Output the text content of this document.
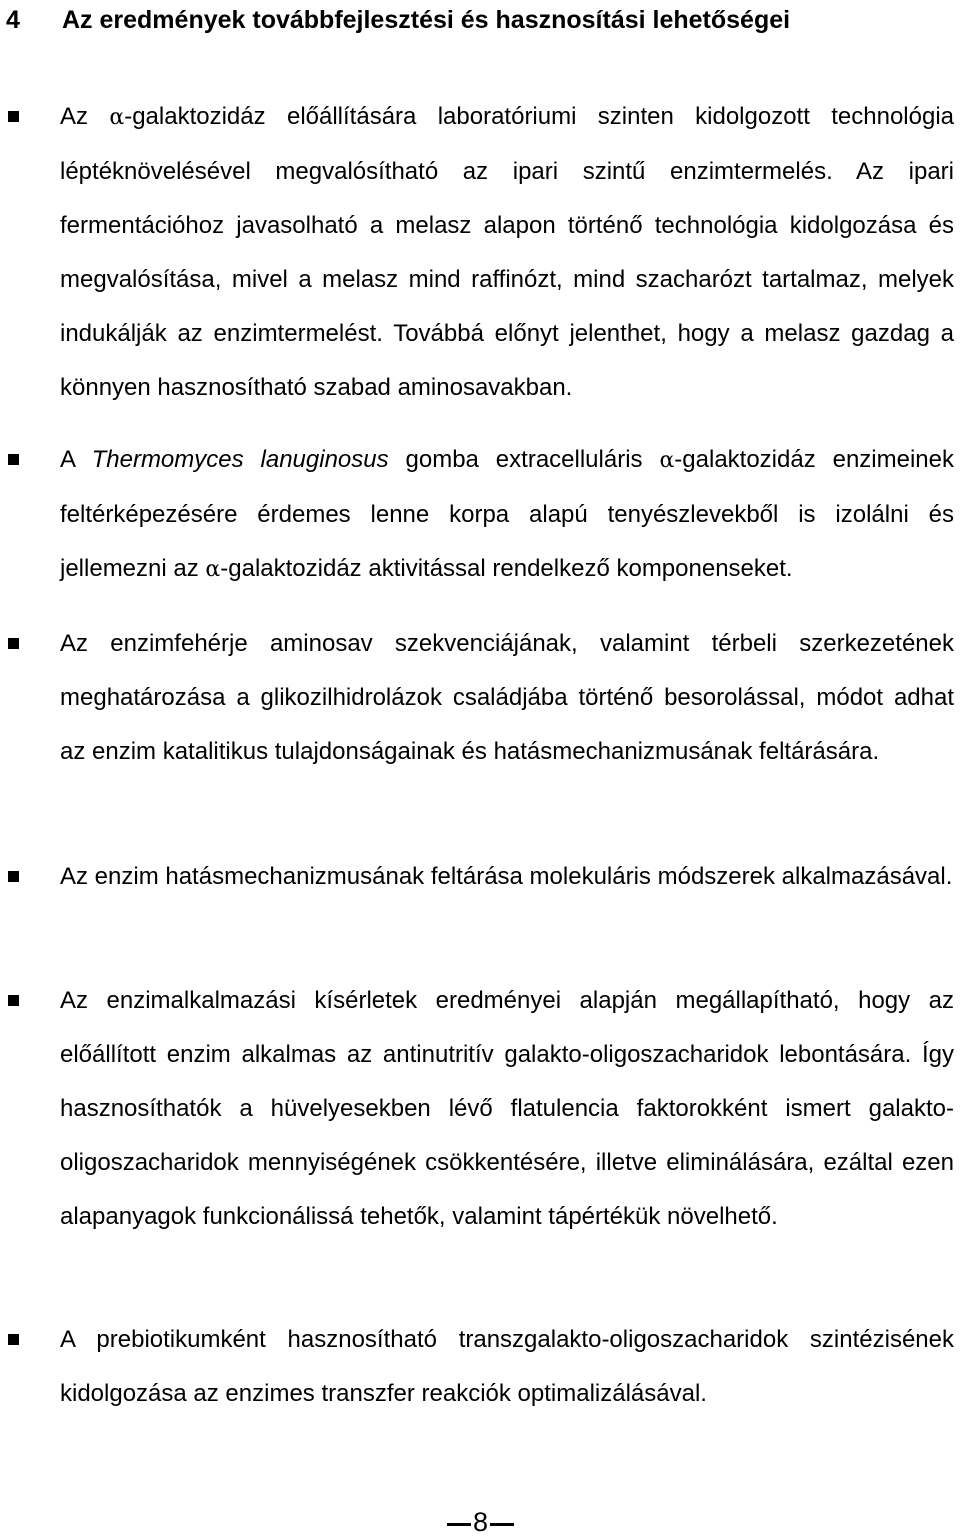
4 Az eredmények továbbfejlesztési és hasznosítási lehetőségei

Az α-galaktozidáz előállítására laboratóriumi szinten kidolgozott technológia léptéknövelésével megvalósítható az ipari szintű enzimtermelés. Az ipari fermentációhoz javasolható a melasz alapon történő technológia kidolgozása és megvalósítása, mivel a melasz mind raffinózt, mind szacharózt tartalmaz, melyek indukálják az enzimtermelést. Továbbá előnyt jelenthet, hogy a melasz gazdag a könnyen hasznosítható szabad aminosavakban.

A Thermomyces lanuginosus gomba extracelluláris α-galaktozidáz enzimeinek feltérképezésére érdemes lenne korpa alapú tenyészlevekből is izolálni és jellemezni az α-galaktozidáz aktivitással rendelkező komponenseket.

Az enzimfehérje aminosav szekvenciájának, valamint térbeli szerkezetének meghatározása a glikozilhidrolázok családjába történő besorolással, módot adhat az enzim katalitikus tulajdonságainak és hatásmechanizmusának feltárására.

Az enzim hatásmechanizmusának feltárása molekuláris módszerek alkalmazásával.

Az enzimalkalmazási kísérletek eredményei alapján megállapítható, hogy az előállított enzim alkalmas az antinutritív galakto-oligoszacharidok lebontására. Így hasznosíthatók a hüvelyesekben lévő flatulencia faktorokként ismert galakto-oligoszacharidok mennyiségének csökkentésére, illetve eliminálására, ezáltal ezen alapanyagok funkcionálissá tehetők, valamint tápértékük növelhető.

A prebiotikumként hasznosítható transzgalakto-oligoszacharidok szintézisének kidolgozása az enzimes transzfer reakciók optimalizálásával.

8
